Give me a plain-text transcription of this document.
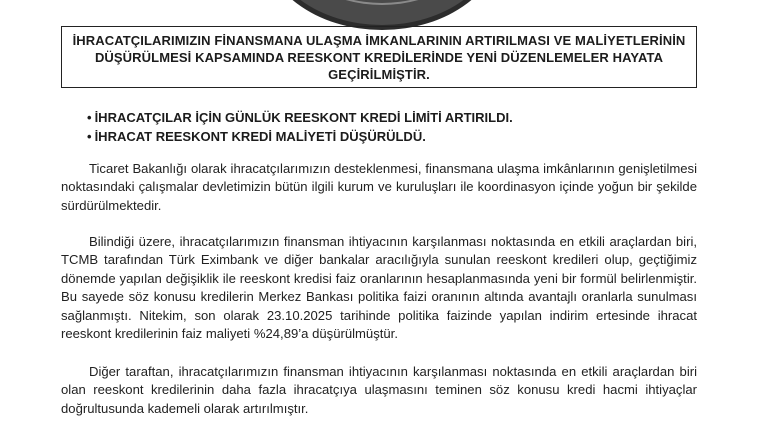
İHRACATÇILARIMIZIN FİNANSMANA ULAŞMA İMKANLARININ ARTIRILMASI VE MALİYETLERİNİN DÜŞÜRÜLMESİ KAPSAMINDA REESKONT KREDİLERİNDE YENİ DÜZENLEMELER HAYATA GEÇİRİLMİŞTİR.

• İHRACATÇILAR İÇİN GÜNLÜK REESKONT KREDİ LİMİTİ ARTIRILDI.
• İHRACAT REESKONT KREDİ MALİYETİ DÜŞÜRÜLDÜ.

Ticaret Bakanlığı olarak ihracatçılarımızın desteklenmesi, finansmana ulaşma imkânlarının genişletilmesi noktasındaki çalışmalar devletimizin bütün ilgili kurum ve kuruluşları ile koordinasyon içinde yoğun bir şekilde sürdürülmektedir.

Bilindiği üzere, ihracatçılarımızın finansman ihtiyacının karşılanması noktasında en etkili araçlardan biri, TCMB tarafından Türk Eximbank ve diğer bankalar aracılığıyla sunulan reeskont kredileri olup, geçtiğimiz dönemde yapılan değişiklik ile reeskont kredisi faiz oranlarının hesaplanmasında yeni bir formül belirlenmiştir. Bu sayede söz konusu kredilerin Merkez Bankası politika faizi oranının altında avantajlı oranlarla sunulması sağlanmıştı. Nitekim, son olarak 23.10.2025 tarihinde politika faizinde yapılan indirim ertesinde ihracat reeskont kredilerinin faiz maliyeti %24,89’a düşürülmüştür.

Diğer taraftan, ihracatçılarımızın finansman ihtiyacının karşılanması noktasında en etkili araçlardan biri olan reeskont kredilerinin daha fazla ihracatçıya ulaşmasını teminen söz konusu kredi hacmi ihtiyaçlar doğrultusunda kademeli olarak artırılmıştır.
